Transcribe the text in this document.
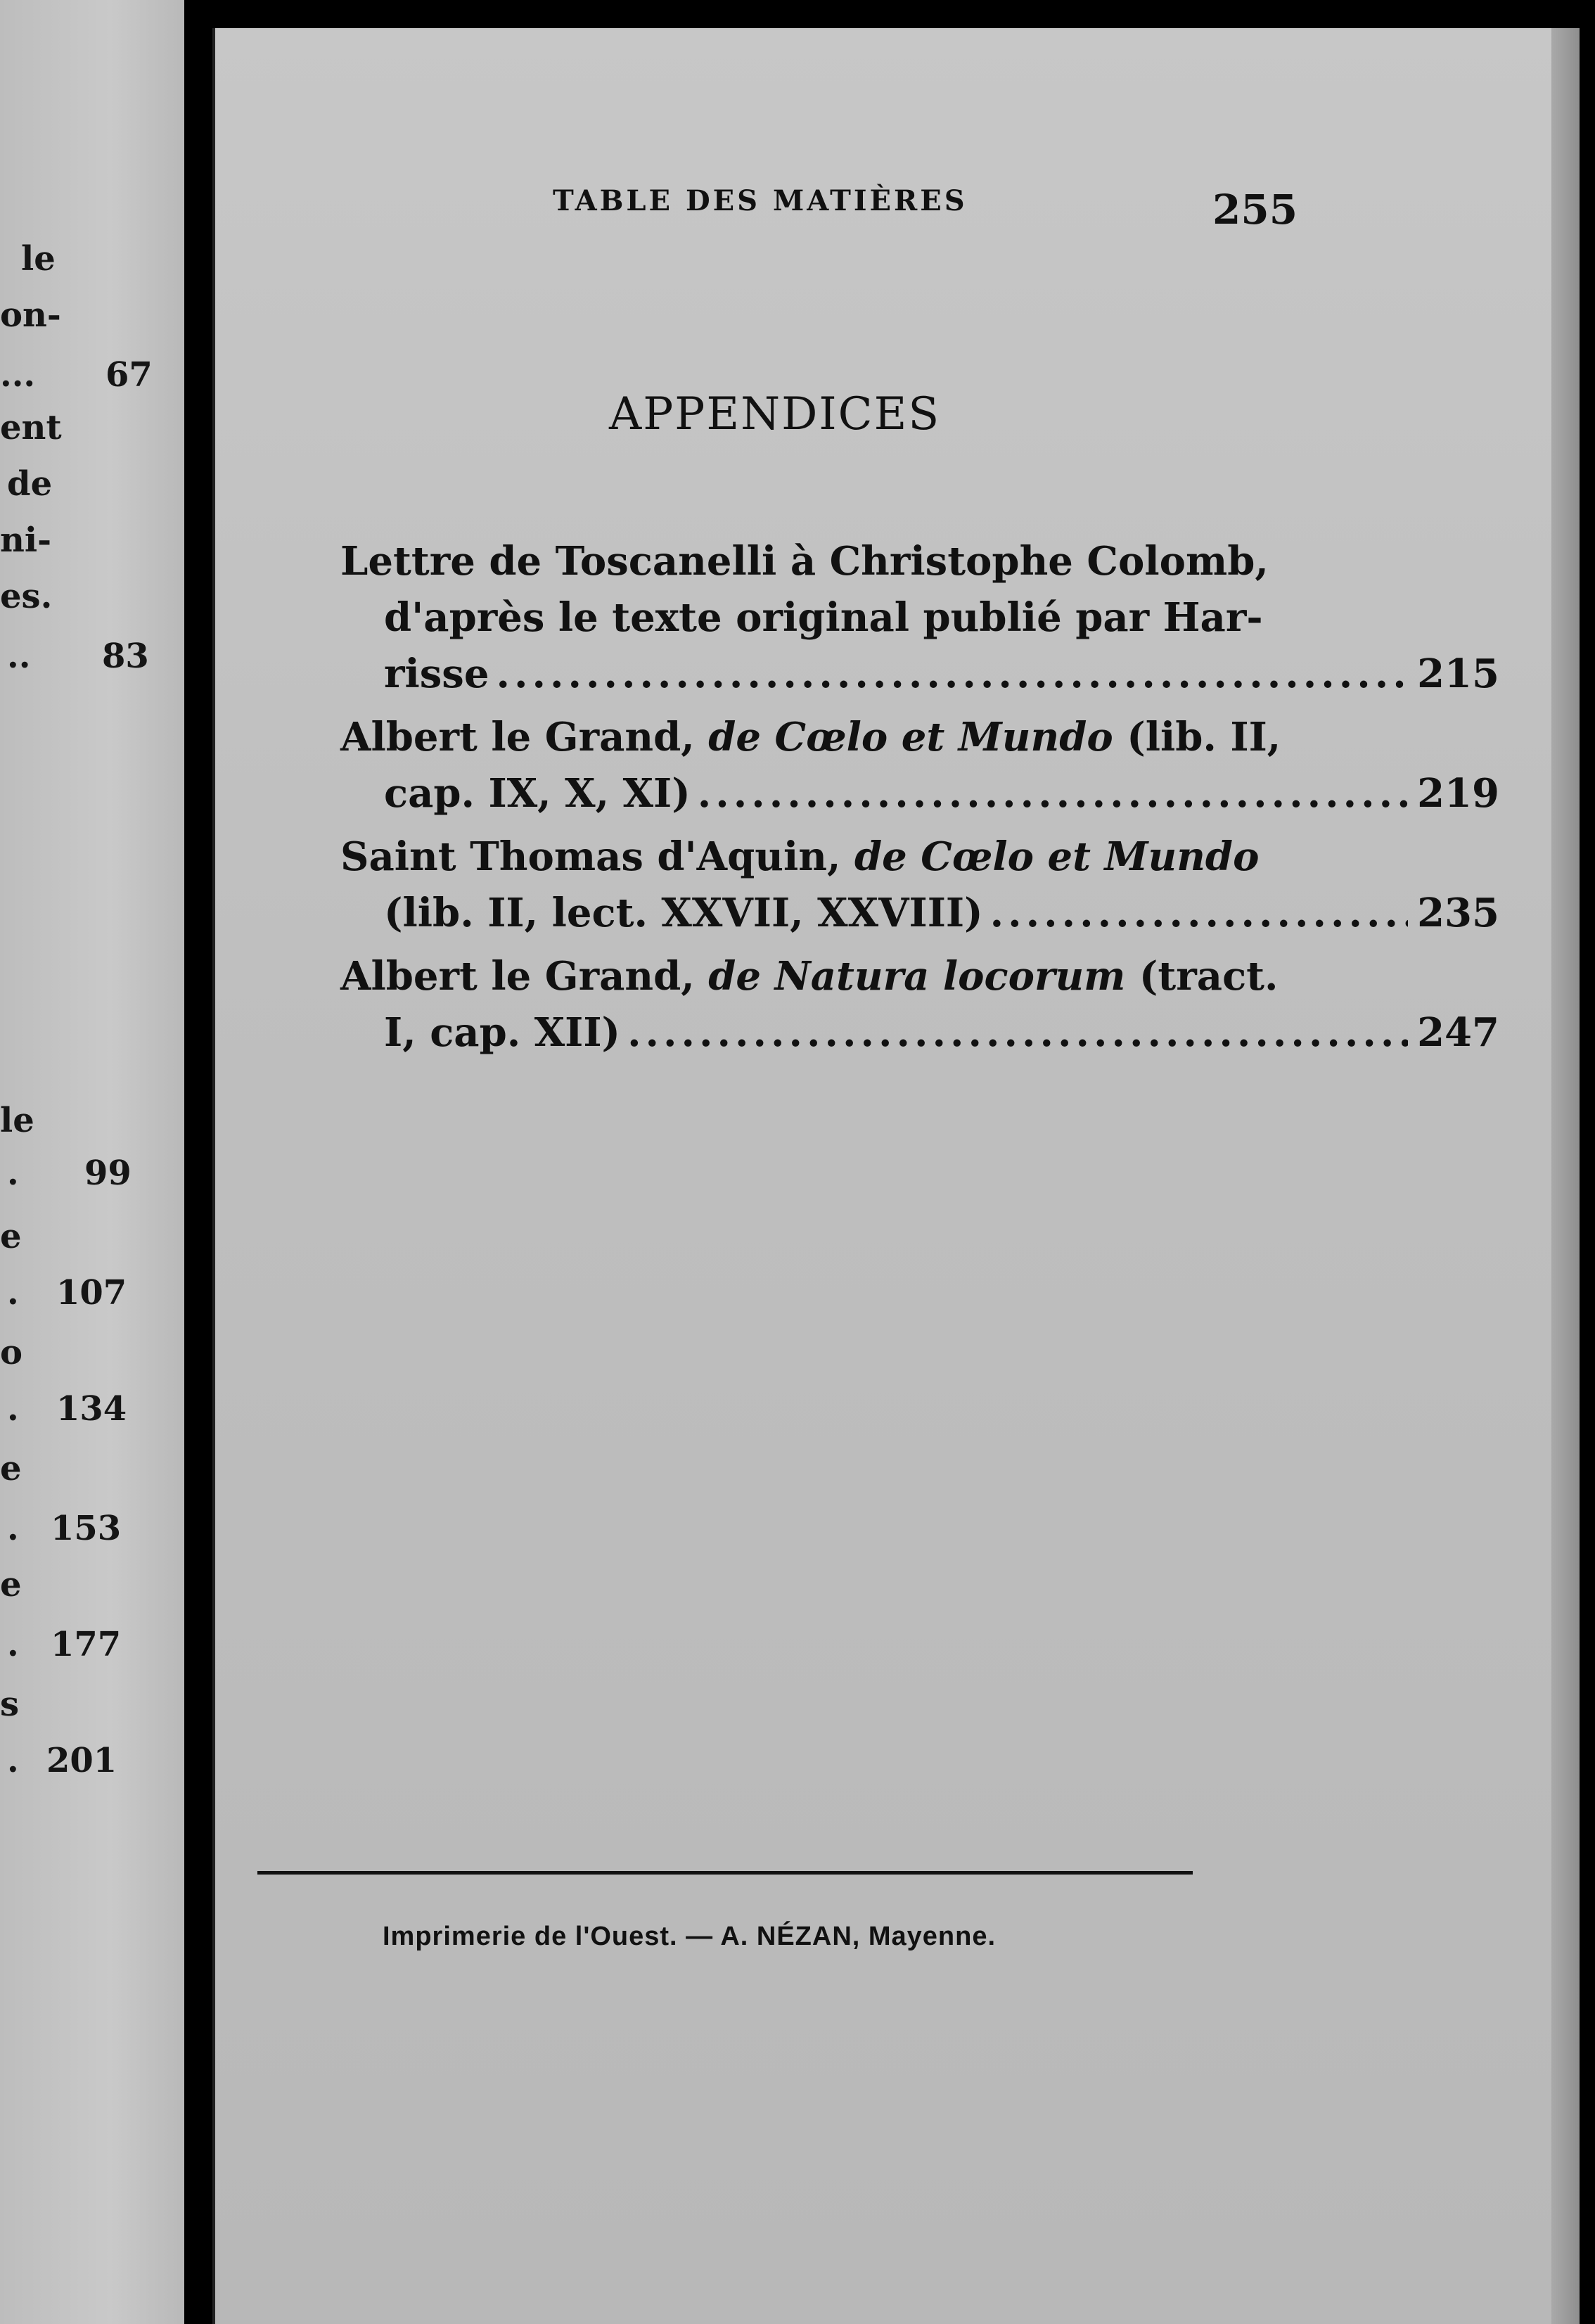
le
on-
... 67
ent
de
ni-
es.
.. 83
le
. 99
e
. 107
o
. 134
e
. 153
e
. 177
s
. 201
TABLE DES MATIÈRES	255
APPENDICES
Lettre de Toscanelli à Christophe Colomb,
d'après le texte original publié par Har-
risse .....	215
Albert le Grand, de Cœlo et Mundo (lib. II,
cap. IX, X, XI) .....	219
Saint Thomas d'Aquin, de Cœlo et Mundo
(lib. II, lect. XXVII, XXVIII) .....	235
Albert le Grand, de Natura locorum (tract.
I, cap. XII) .....	247
Imprimerie de l'Ouest. — A. NÉZAN, Mayenne.
